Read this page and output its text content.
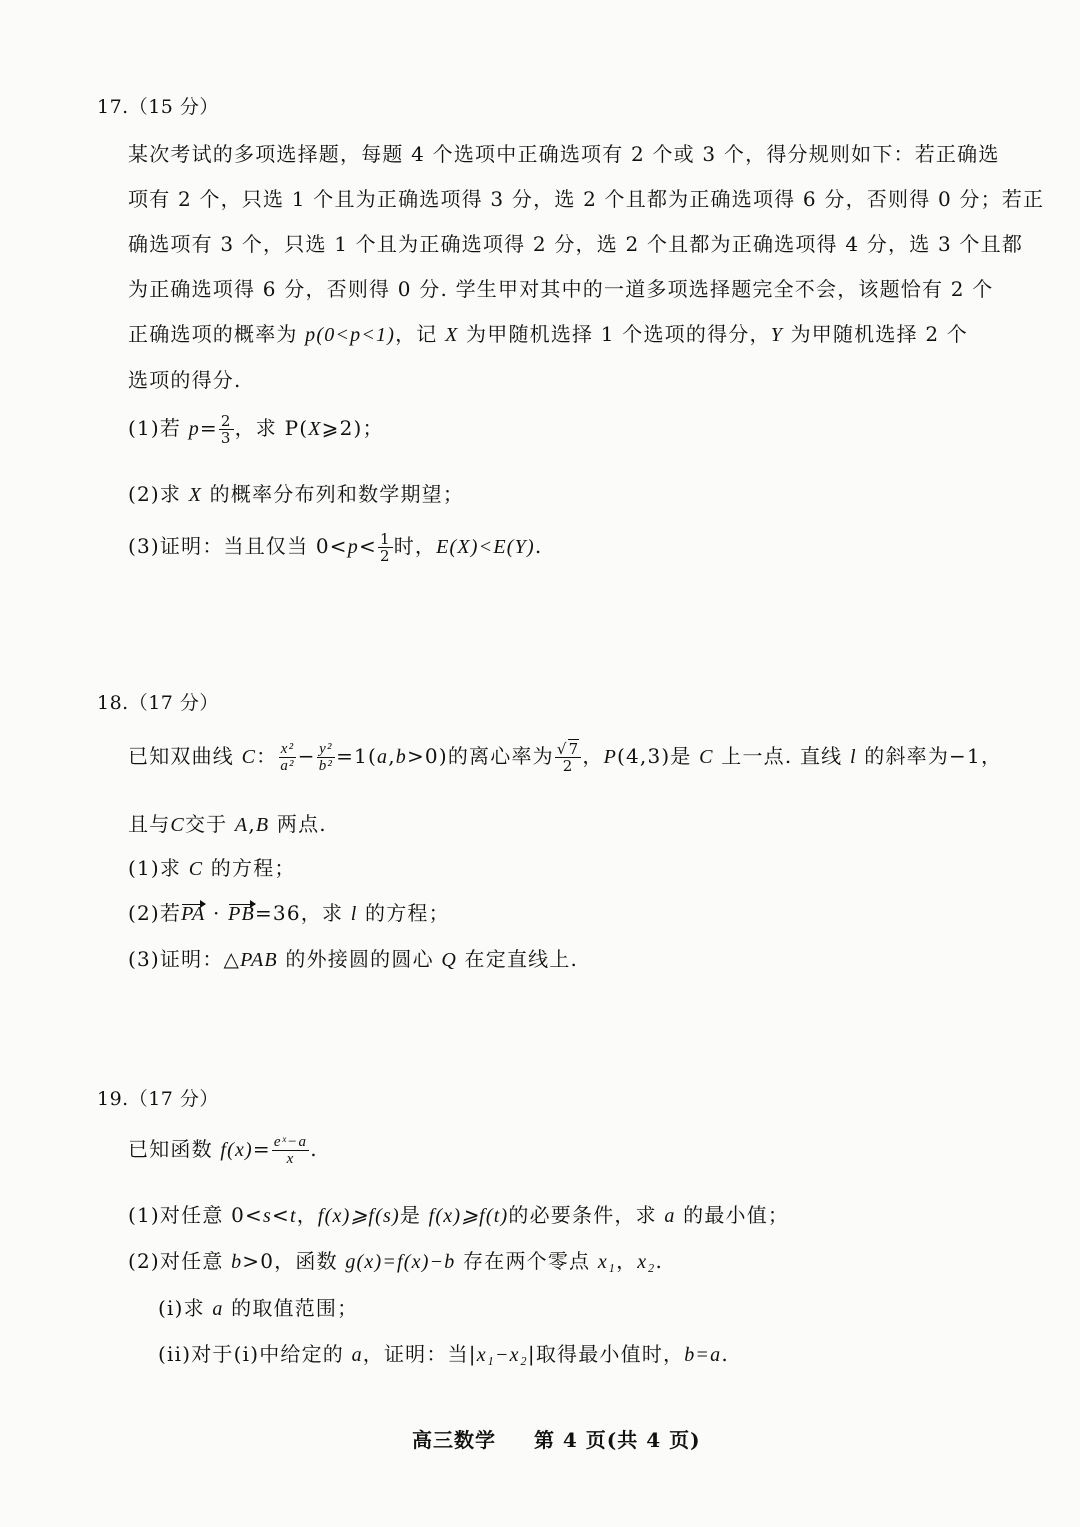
17.（15 分）
某次考试的多项选择题，每题 4 个选项中正确选项有 2 个或 3 个，得分规则如下：若正确选
项有 2 个，只选 1 个且为正确选项得 3 分，选 2 个且都为正确选项得 6 分，否则得 0 分；若正
确选项有 3 个，只选 1 个且为正确选项得 2 分，选 2 个且都为正确选项得 4 分，选 3 个且都
为正确选项得 6 分，否则得 0 分. 学生甲对其中的一道多项选择题完全不会，该题恰有 2 个
正确选项的概率为 p(0<p<1)，记 X 为甲随机选择 1 个选项的得分，Y 为甲随机选择 2 个
选项的得分.
(1)若 $p= \frac{2}{3}$ ，求 P(X⩾2)；
(2)求 X 的概率分布列和数学期望；
(3)证明：当且仅当 $0<p< \frac{1}{2}$ 时，E(X)<E(Y).
18.（17 分）
已知双曲线 C： $\frac{\text{x²}}{\text{a²}} - \frac{\text{y²}}{\text{b²}} =1(a,b>0)$的离心率为 $\frac{√7}{2}$ ，P(4,3)是 C 上一点. 直线 l 的斜率为−1，
且与C交于 A,B 两点.
(1)求 C 的方程；
(2)若PA · PB=36，求 l 的方程；
(3)证明：△PAB 的外接圆的圆心 Q 在定直线上.
19.（17 分）
已知函数 $f(x)= \frac{\text{eˣ−a}}{x}$ .
(1)对任意 0<s<t，f(x)⩾f(s)是 f(x)⩾f(t)的必要条件，求 a 的最小值；
(2)对任意 b>0，函数 g(x)=f(x)−b 存在两个零点 x₁，x₂.
(i)求 a 的取值范围；
(ii)对于(i)中给定的 a，证明：当|x₁−x₂|取得最小值时，b=a.
高三数学 第 4 页(共 4 页)
